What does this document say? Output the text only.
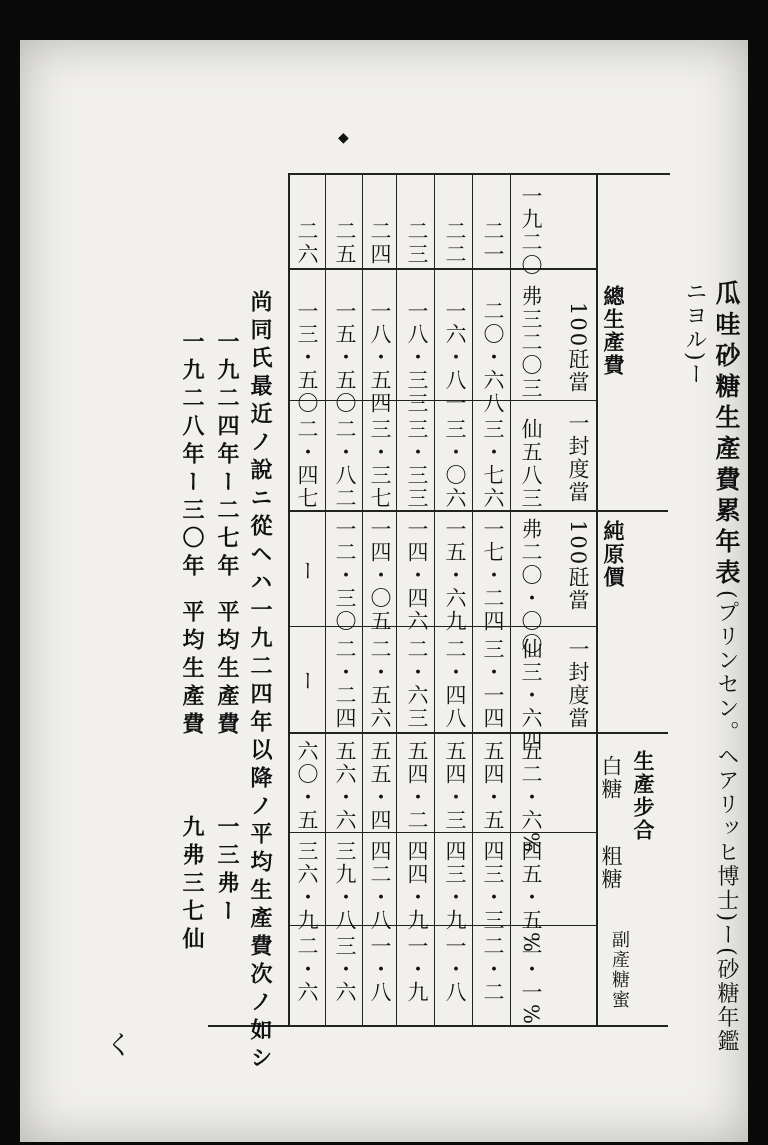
◆
瓜哇砂糖生產費累年表(プリンセン。ヘアリッヒ博士)ー(砂糖年鑑ニヨル)ー
總生產費
純原價
生產步合
100瓩當
一封度當
100瓩當
一封度當
白糖
粗糖
副產糖蜜
一九二〇
二一
二二
二三
二四
二五
二六
弗三二〇三
仙五八三
弗二〇・〇〇
仙三・六四
五二・六%
四五・五%
二・一%
二〇・六八
三・七六
一七・二四
三・一四
五四・五
四三・三
二・二
一六・八一
三・〇六
一五・六九
二・四八
五四・三
四三・九
一・八
一八・三三
三・三三
一四・四六
二・六三
五四・二
四四・九
一・九
一八・五四
三・三七
一四・〇五
二・五六
五五・四
四二・八
一・八
一五・五〇
二・八二
一二・三〇
二・二四
五六・六
三九・八
三・六
一三・五〇
二・四七
ー
ー
六〇・五
三六・九
二・六
尚同氏最近ノ說ニ從ヘハ一九二四年以降ノ平均生產費次ノ如シ
一九二四年ー二七年
平均生產費
一三弗ー
一九二八年ー三〇年
平均生產費
九弗三七仙
く
